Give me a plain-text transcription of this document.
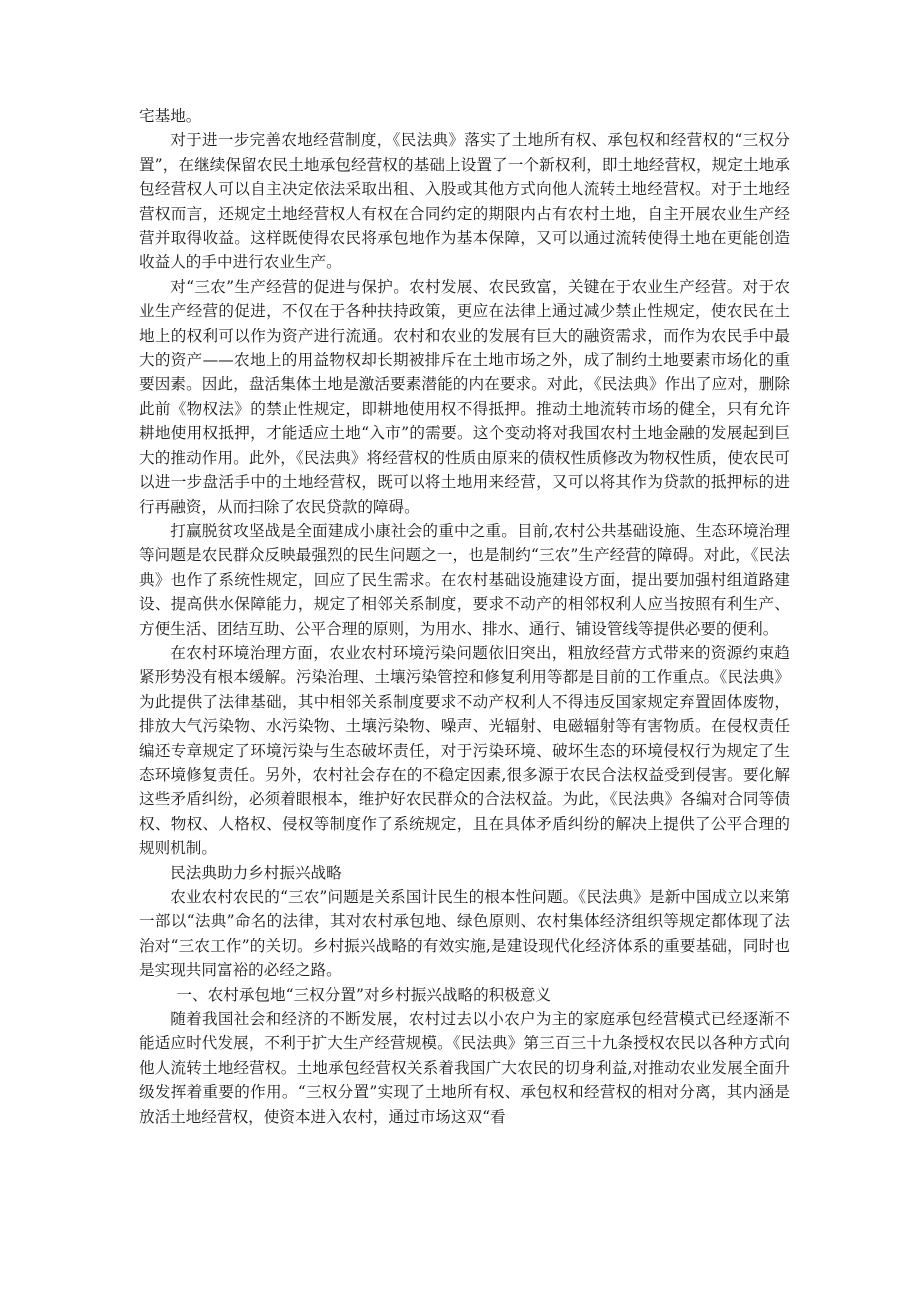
宅基地。

对于进一步完善农地经营制度，《民法典》落实了土地所有权、承包权和经营权的“三权分置”，在继续保留农民土地承包经营权的基础上设置了一个新权利，即土地经营权，规定土地承包经营权人可以自主决定依法采取出租、入股或其他方式向他人流转土地经营权。对于土地经营权而言，还规定土地经营权人有权在合同约定的期限内占有农村土地，自主开展农业生产经营并取得收益。这样既使得农民将承包地作为基本保障，又可以通过流转使得土地在更能创造收益人的手中进行农业生产。

对“三农”生产经营的促进与保护。农村发展、农民致富，关键在于农业生产经营。对于农业生产经营的促进，不仅在于各种扶持政策，更应在法律上通过减少禁止性规定，使农民在土地上的权利可以作为资产进行流通。农村和农业的发展有巨大的融资需求，而作为农民手中最大的资产——农地上的用益物权却长期被排斥在土地市场之外，成了制约土地要素市场化的重要因素。因此，盘活集体土地是激活要素潜能的内在要求。对此，《民法典》作出了应对，删除此前《物权法》的禁止性规定，即耕地使用权不得抵押。推动土地流转市场的健全，只有允许耕地使用权抵押，才能适应土地“入市”的需要。这个变动将对我国农村土地金融的发展起到巨大的推动作用。此外，《民法典》将经营权的性质由原来的债权性质修改为物权性质，使农民可以进一步盘活手中的土地经营权，既可以将土地用来经营，又可以将其作为贷款的抵押标的进行再融资，从而扫除了农民贷款的障碍。

打赢脱贫攻坚战是全面建成小康社会的重中之重。目前,农村公共基础设施、生态环境治理等问题是农民群众反映最强烈的民生问题之一，也是制约“三农”生产经营的障碍。对此，《民法典》也作了系统性规定，回应了民生需求。在农村基础设施建设方面，提出要加强村组道路建设、提高供水保障能力，规定了相邻关系制度，要求不动产的相邻权利人应当按照有利生产、方便生活、团结互助、公平合理的原则，为用水、排水、通行、铺设管线等提供必要的便利。

在农村环境治理方面，农业农村环境污染问题依旧突出，粗放经营方式带来的资源约束趋紧形势没有根本缓解。污染治理、土壤污染管控和修复利用等都是目前的工作重点。《民法典》为此提供了法律基础，其中相邻关系制度要求不动产权利人不得违反国家规定弃置固体废物，排放大气污染物、水污染物、土壤污染物、噪声、光辐射、电磁辐射等有害物质。在侵权责任编还专章规定了环境污染与生态破坏责任，对于污染环境、破坏生态的环境侵权行为规定了生态环境修复责任。另外，农村社会存在的不稳定因素,很多源于农民合法权益受到侵害。要化解这些矛盾纠纷，必须着眼根本，维护好农民群众的合法权益。为此，《民法典》各编对合同等债权、物权、人格权、侵权等制度作了系统规定，且在具体矛盾纠纷的解决上提供了公平合理的规则机制。

民法典助力乡村振兴战略

农业农村农民的“三农”问题是关系国计民生的根本性问题。《民法典》是新中国成立以来第一部以“法典”命名的法律，其对农村承包地、绿色原则、农村集体经济组织等规定都体现了法治对“三农工作”的关切。乡村振兴战略的有效实施,是建设现代化经济体系的重要基础，同时也是实现共同富裕的必经之路。

一、农村承包地“三权分置”对乡村振兴战略的积极意义

随着我国社会和经济的不断发展，农村过去以小农户为主的家庭承包经营模式已经逐渐不能适应时代发展，不利于扩大生产经营规模。《民法典》第三百三十九条授权农民以各种方式向他人流转土地经营权。土地承包经营权关系着我国广大农民的切身利益,对推动农业发展全面升级发挥着重要的作用。“三权分置”实现了土地所有权、承包权和经营权的相对分离，其内涵是放活土地经营权，使资本进入农村，通过市场这双“看
